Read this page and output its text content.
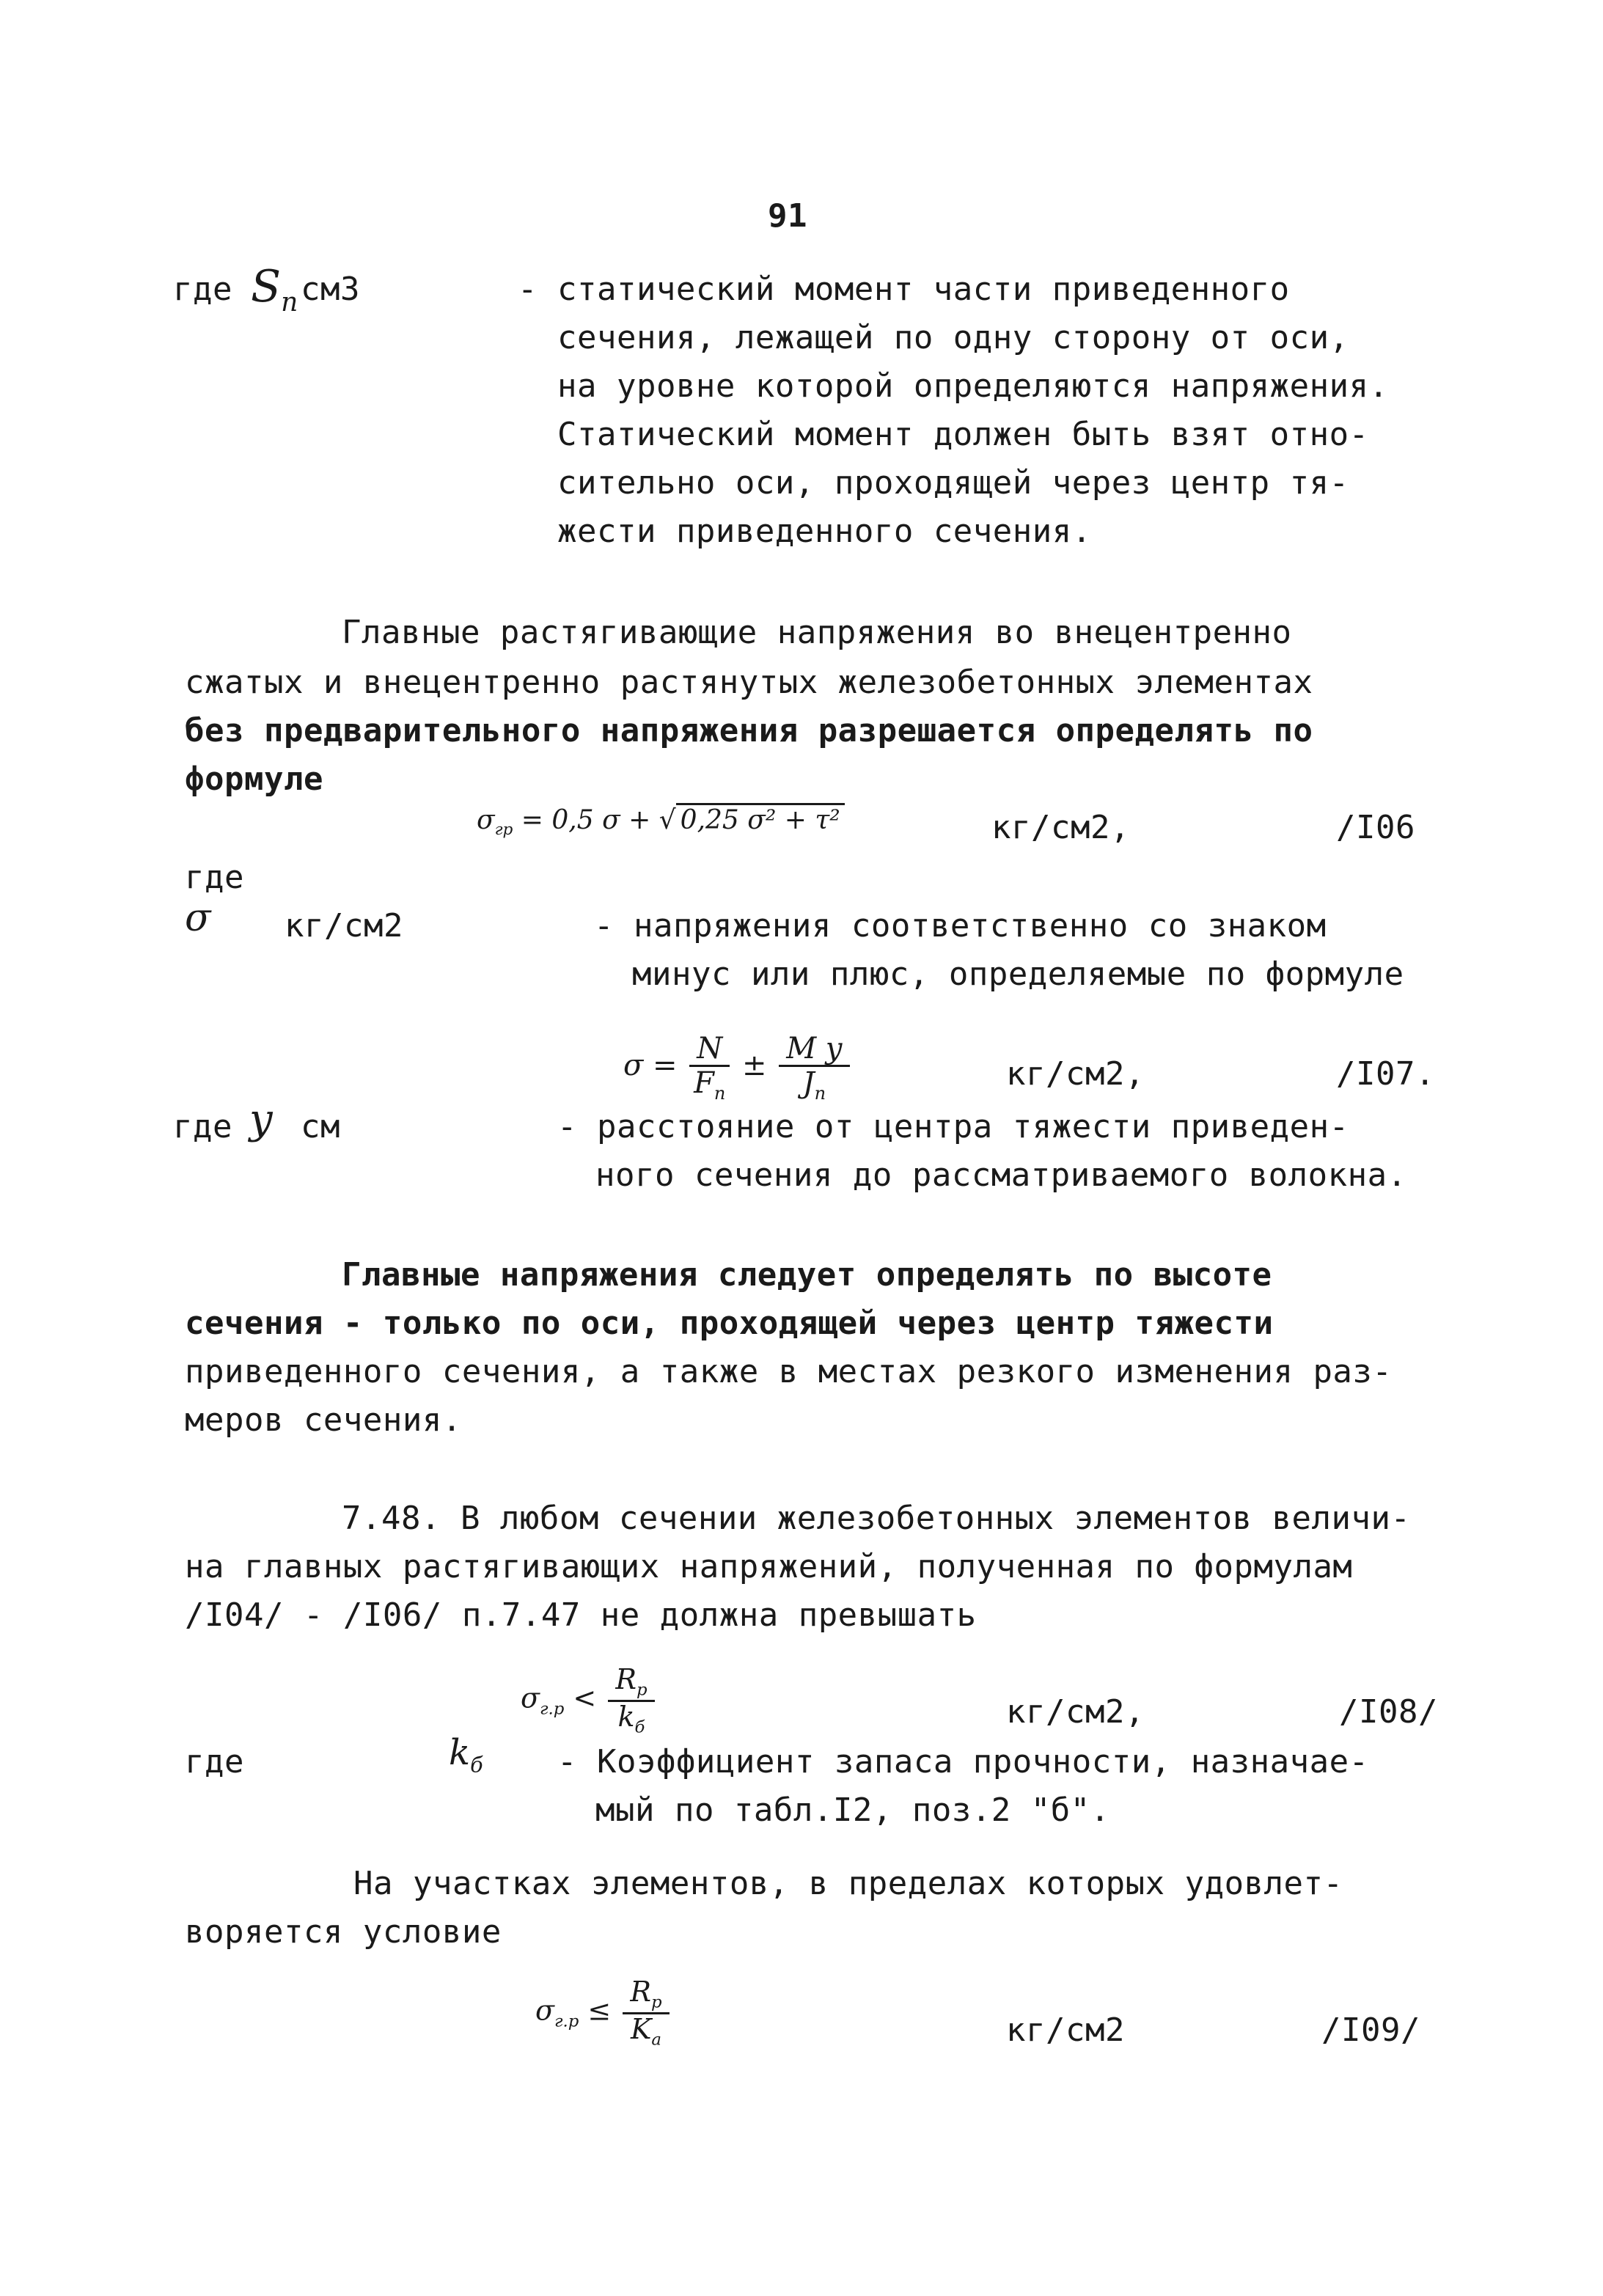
91
где $S_n$ см3	- статический момент части приведенного
сечения, лежащей по одну сторону от оси,
на уровне которой определяются напряжения.
Статический момент должен быть взят отно-
сительно оси, проходящей через центр тя-
жести приведенного сечения.
Главные растягивающие напряжения во внецентренно
сжатых и внецентренно растянутых железобетонных элементах
без предварительного напряжения разрешается определять по
формуле
$\sigma_{гр} = 0,5$ σ + √ 0,25 σ² + τ²	кг/см2,	/I06
где
σ кг/см2	- напряжения соответственно со знаком
минус или плюс, определяемые по формуле
$\sigma = \frac{N}{F_n} \pm \frac{\text{M y}}{J_n}$	кг/см2,	/I07.
где y см	- расстояние от центра тяжести приведен-
ного сечения до рассматриваемого волокна.
Главные напряжения следует определять по высоте
сечения - только по оси, проходящей через центр тяжести
приведенного сечения, а также в местах резкого изменения раз-
меров сечения.
7.48. В любом сечении железобетонных элементов величи-
на главных растягивающих напряжений, полученная по формулам
/I04/ - /I06/ п.7.47 не должна превышать
$\sigma_{г.р} < \frac{R_p}{k_б}$	кг/см2,	/I08/
где	$k_б$ - Коэффициент запаса прочности, назначае-
мый по табл.I2, поз.2 "б".
На участках элементов, в пределах которых удовлет-
воряется условие
$\sigma_{г.р} \le \frac{R_p}{K_a}$	кг/см2	/I09/
